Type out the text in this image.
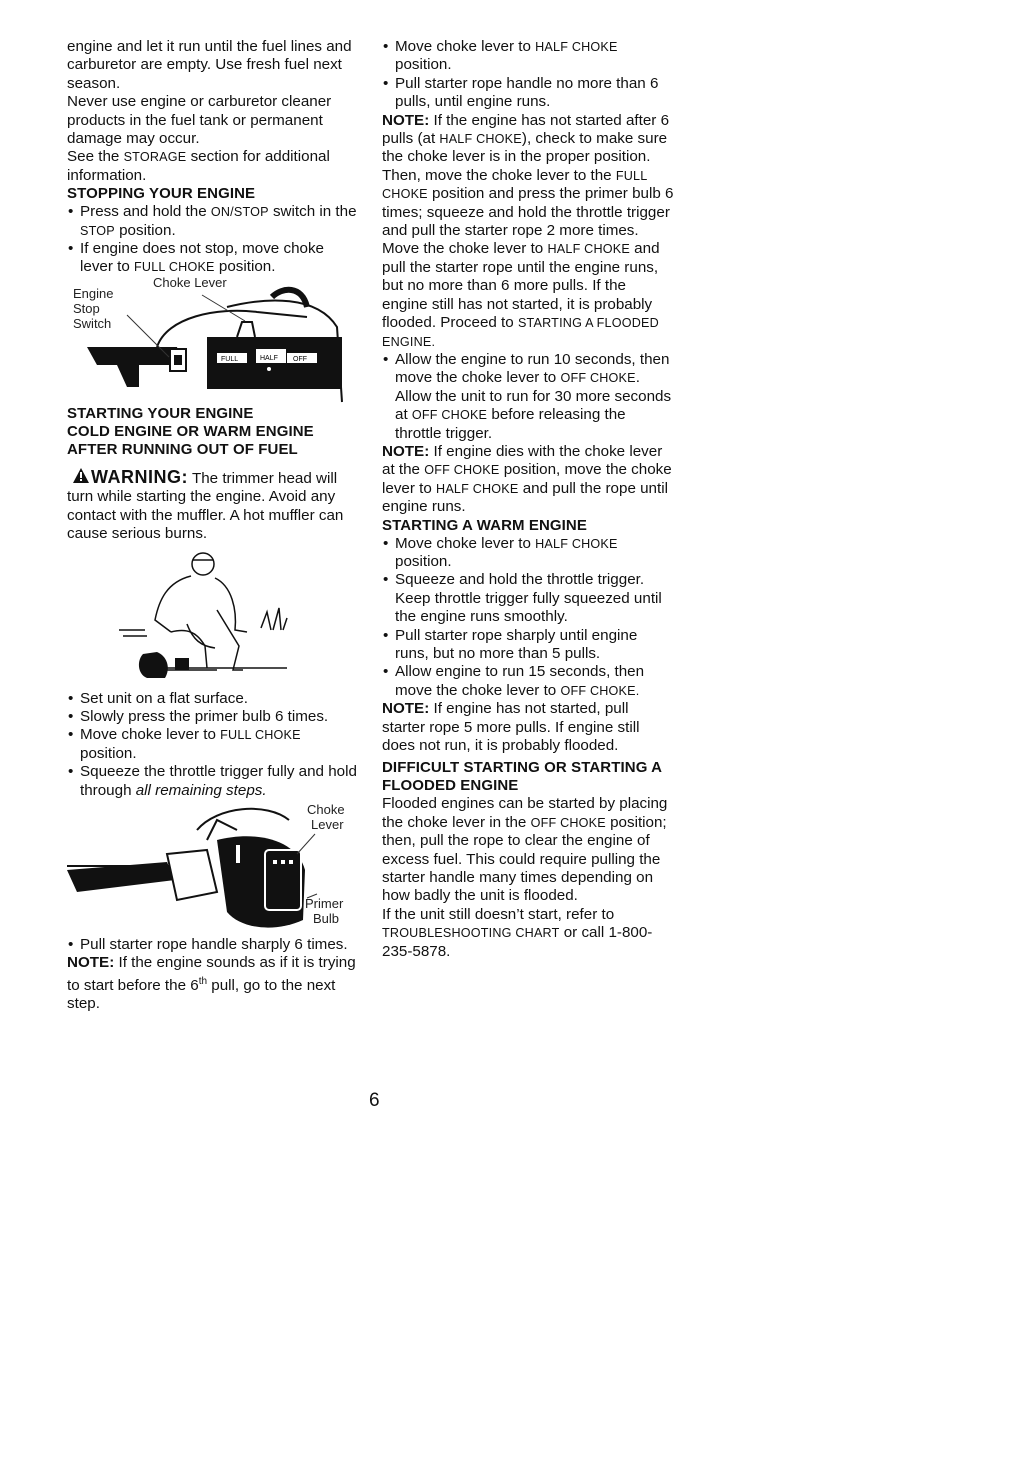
engine and let it run until the fuel lines and carburetor are empty. Use fresh fuel next season.

Never use engine or carburetor cleaner products in the fuel tank or permanent damage may occur.

See the STORAGE section for additional information.

STOPPING YOUR ENGINE
• Press and hold the ON/STOP switch in the STOP position.
• If engine does not stop, move choke lever to FULL CHOKE position.
FULL	HALF OFF
Choke Lever
Engine
Stop
Switch
STARTING YOUR ENGINE
COLD ENGINE OR WARM ENGINE AFTER RUNNING OUT OF FUEL

WARNING: The trimmer head will turn while starting the engine. Avoid any contact with the muffler. A hot muffler can cause serious burns.

• Set unit on a flat surface.
• Slowly press the primer bulb 6 times.
• Move choke lever to FULL CHOKE position.
• Squeeze the throttle trigger fully and hold through all remaining steps.
Choke
Lever
Primer
Bulb
• Pull starter rope handle sharply 6 times.

NOTE: If the engine sounds as if it is trying to start before the 6th pull, go to the next step.

• Move choke lever to HALF CHOKE position.
• Pull starter rope handle no more than 6 pulls, until engine runs.

NOTE: If the engine has not started after 6 pulls (at HALF CHOKE), check to make sure the choke lever is in the proper position. Then, move the choke lever to the FULL CHOKE position and press the primer bulb 6 times; squeeze and hold the throttle trigger and pull the starter rope 2 more times. Move the choke lever to HALF CHOKE and pull the starter rope until the engine runs, but no more than 6 more pulls. If the engine still has not started, it is probably flooded. Proceed to STARTING A FLOODED ENGINE.

• Allow the engine to run 10 seconds, then move the choke lever to OFF CHOKE. Allow the unit to run for 30 more seconds at OFF CHOKE before releasing the throttle trigger.

NOTE: If engine dies with the choke lever at the OFF CHOKE position, move the choke lever to HALF CHOKE and pull the rope until engine runs.

STARTING A WARM ENGINE
• Move choke lever to HALF CHOKE position.
• Squeeze and hold the throttle trigger. Keep throttle trigger fully squeezed until the engine runs smoothly.
• Pull starter rope sharply until engine runs, but no more than 5 pulls.
• Allow engine to run 15 seconds, then move the choke lever to OFF CHOKE.

NOTE: If engine has not started, pull starter rope 5 more pulls. If engine still does not run, it is probably flooded.

DIFFICULT STARTING OR STARTING A FLOODED ENGINE

Flooded engines can be started by placing the choke lever in the OFF CHOKE position; then, pull the rope to clear the engine of excess fuel. This could require pulling the starter handle many times depending on how badly the unit is flooded.

If the unit still doesn’t start, refer to TROUBLESHOOTING CHART or call 1-800-235-5878.

6
